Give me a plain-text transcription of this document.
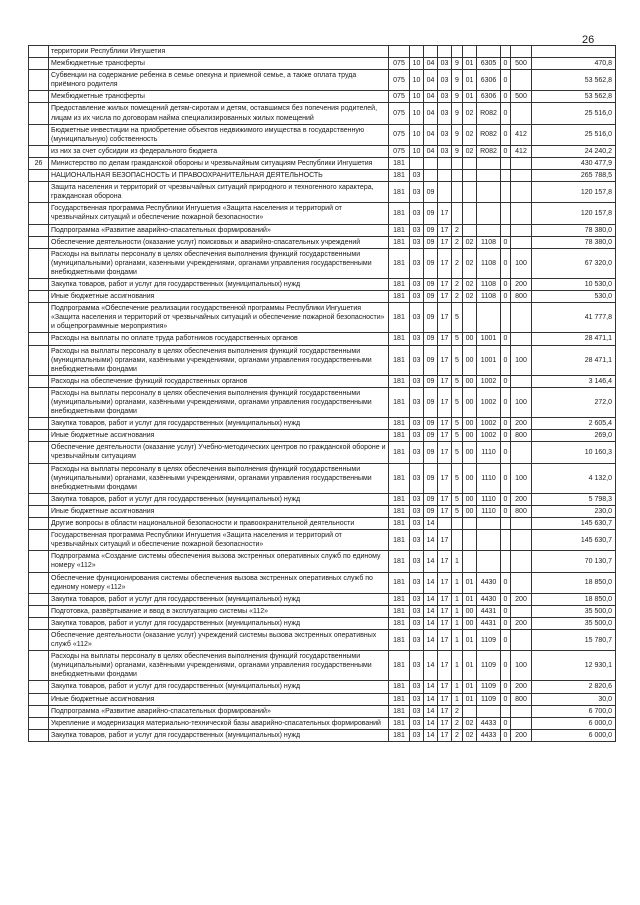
26
	территории Республики Ингушетия										
	Межбюджетные трансферты	075	10	04	03	9	01	6305	0	500	470,8
	Субвенции на содержание ребенка в семье опекуна и приемной семье, а также оплата труда приёмного родителя	075	10	04	03	9	01	6306	0		53 562,8
	Межбюджетные трансферты	075	10	04	03	9	01	6306	0	500	53 562,8
	Предоставление жилых помещений детям-сиротам и детям, оставшимся без попечения родителей, лицам из их числа по договорам найма специализированных жилых помещений	075	10	04	03	9	02	R082	0		25 516,0
	Бюджетные инвестиции на приобретение объектов недвижимого имущества в государственную (муниципальную) собственность	075	10	04	03	9	02	R082	0	412	25 516,0
	из них за счет субсидии из федерального бюджета	075	10	04	03	9	02	R082	0	412	24 240,2
26	Министерство по делам гражданской обороны и чрезвычайным ситуациям Республики Ингушетия	181									430 477,9
	НАЦИОНАЛЬНАЯ БЕЗОПАСНОСТЬ И ПРАВООХРАНИТЕЛЬНАЯ ДЕЯТЕЛЬНОСТЬ	181	03								265 788,5
	Защита населения и территорий от чрезвычайных ситуаций природного и техногенного характера, гражданская оборона	181	03	09							120 157,8
	Государственная программа Республики Ингушетия «Защита населения и территорий от чрезвычайных ситуаций и обеспечение пожарной безопасности»	181	03	09	17						120 157,8
	Подпрограмма «Развитие аварийно-спасательных формирований»	181	03	09	17	2					78 380,0
	Обеспечение деятельности (оказание услуг) поисковых и аварийно-спасательных учреждений	181	03	09	17	2	02	1108	0		78 380,0
	Расходы на выплаты персоналу в целях обеспечения выполнения функций государственными (муниципальными) органами, казенными учреждениями, органами управления государственными внебюджетными фондами	181	03	09	17	2	02	1108	0	100	67 320,0
	Закупка товаров, работ и услуг для государственных (муниципальных) нужд	181	03	09	17	2	02	1108	0	200	10 530,0
	Иные бюджетные ассигнования	181	03	09	17	2	02	1108	0	800	530,0
	Подпрограмма «Обеспечение реализации государственной программы Республики Ингушетия «Защита населения и территорий от чрезвычайных ситуаций и обеспечение пожарной безопасности» и общепрограммные мероприятия»	181	03	09	17	5					41 777,8
	Расходы на выплаты по оплате труда работников государственных органов	181	03	09	17	5	00	1001	0		28 471,1
	Расходы на выплаты персоналу в целях обеспечения выполнения функций государственными (муниципальными) органами, казёнными учреждениями, органами управления государственными внебюджетными фондами	181	03	09	17	5	00	1001	0	100	28 471,1
	Расходы на обеспечение функций государственных органов	181	03	09	17	5	00	1002	0		3 146,4
	Расходы на выплаты персоналу в целях обеспечения выполнения функций государственными (муниципальными) органами, казёнными учреждениями, органами управления государственными внебюджетными фондами	181	03	09	17	5	00	1002	0	100	272,0
	Закупка товаров, работ и услуг для государственных (муниципальных) нужд	181	03	09	17	5	00	1002	0	200	2 605,4
	Иные бюджетные ассигнования	181	03	09	17	5	00	1002	0	800	269,0
	Обеспечение деятельности (оказание услуг) Учебно-методических центров по гражданской обороне и чрезвычайным ситуациям	181	03	09	17	5	00	1110	0		10 160,3
	Расходы на выплаты персоналу в целях обеспечения выполнения функций государственными (муниципальными) органами, казёнными учреждениями, органами управления государственными внебюджетными фондами	181	03	09	17	5	00	1110	0	100	4 132,0
	Закупка товаров, работ и услуг для государственных (муниципальных) нужд	181	03	09	17	5	00	1110	0	200	5 798,3
	Иные бюджетные ассигнования	181	03	09	17	5	00	1110	0	800	230,0
	Другие вопросы в области национальной безопасности и правоохранительной деятельности	181	03	14							145 630,7
	Государственная программа Республики Ингушетия «Защита населения и территорий от чрезвычайных ситуаций и обеспечение пожарной безопасности»	181	03	14	17						145 630,7
	Подпрограмма «Создание системы обеспечения вызова экстренных оперативных служб по единому номеру «112»	181	03	14	17	1					70 130,7
	Обеспечение функционирования системы обеспечения вызова экстренных оперативных служб по единому номеру «112»	181	03	14	17	1	01	4430	0		18 850,0
	Закупка товаров, работ и услуг для государственных (муниципальных) нужд	181	03	14	17	1	01	4430	0	200	18 850,0
	Подготовка, развёртывание и ввод в эксплуатацию системы «112»	181	03	14	17	1	00	4431	0		35 500,0
	Закупка товаров, работ и услуг для государственных (муниципальных) нужд	181	03	14	17	1	00	4431	0	200	35 500,0
	Обеспечение деятельности (оказание услуг) учреждений системы вызова экстренных оперативных служб «112»	181	03	14	17	1	01	1109	0		15 780,7
	Расходы на выплаты персоналу в целях обеспечения выполнения функций государственными (муниципальными) органами, казёнными учреждениями, органами управления государственными внебюджетными фондами	181	03	14	17	1	01	1109	0	100	12 930,1
	Закупка товаров, работ и услуг для государственных (муниципальных) нужд	181	03	14	17	1	01	1109	0	200	2 820,6
	Иные бюджетные ассигнования	181	03	14	17	1	01	1109	0	800	30,0
	Подпрограмма «Развитие аварийно-спасательных формирований»	181	03	14	17	2					6 700,0
	Укрепление и модернизация материально-технической базы аварийно-спасательных формирований	181	03	14	17	2	02	4433	0		6 000,0
	Закупка товаров, работ и услуг для государственных (муниципальных) нужд	181	03	14	17	2	02	4433	0	200	6 000,0
